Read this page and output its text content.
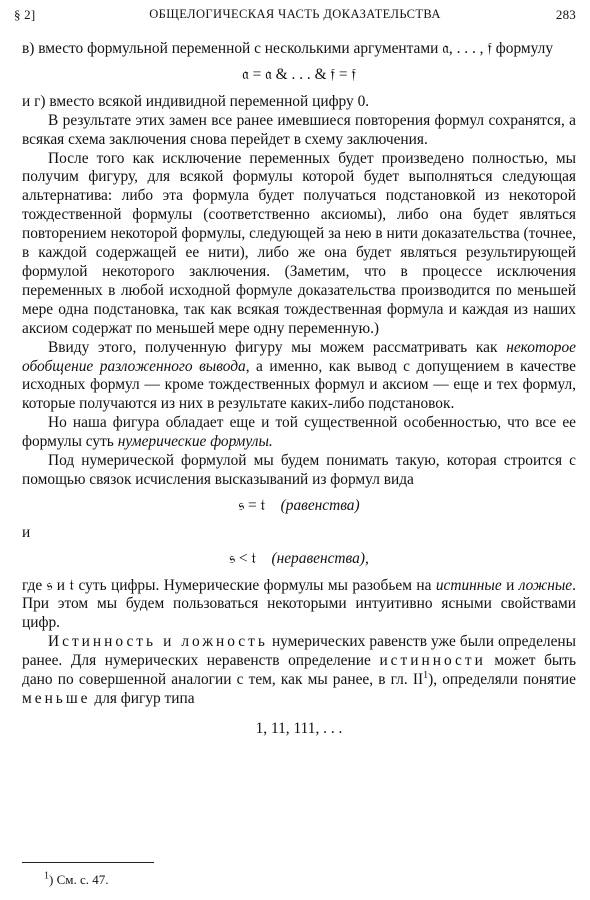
§ 2]	ОБЩЕЛОГИЧЕСКАЯ ЧАСТЬ ДОКАЗАТЕЛЬСТВА	283

в) вместо формульной переменной с несколькими аргументами 𝔞, . . . , 𝔣 формулу

𝔞 = 𝔞 & . . . & 𝔣 = 𝔣

и г) вместо всякой индивидной переменной цифру 0.

В результате этих замен все ранее имевшиеся повторения формул сохранятся, а всякая схема заключения снова перейдет в схему заключения.

После того как исключение переменных будет произведено полностью, мы получим фигуру, для всякой формулы которой будет выполняться следующая альтернатива: либо эта формула будет получаться подстановкой из некоторой тождественной формулы (соответственно аксиомы), либо она будет являться повторением некоторой формулы, следующей за нею в нити доказательства (точнее, в каждой содержащей ее нити), либо же она будет являться результирующей формулой некоторого заключения. (Заметим, что в процессе исключения переменных в любой исходной формуле доказательства производится по меньшей мере одна подстановка, так как всякая тождественная формула и каждая из наших аксиом содержат по меньшей мере одну переменную.)

Ввиду этого, полученную фигуру мы можем рассматривать как некоторое обобщение разложенного вывода, а именно, как вывод с допущением в качестве исходных формул — кроме тождественных формул и аксиом — еще и тех формул, которые получаются из них в результате каких-либо подстановок.

Но наша фигура обладает еще и той существенной особенностью, что все ее формулы суть нумерические формулы.

Под нумерической формулой мы будем понимать такую, которая строится с помощью связок исчисления высказываний из формул вида

𝔰 = 𝔱 (равенства)
и
𝔰 < 𝔱 (неравенства),

где 𝔰 и 𝔱 суть цифры. Нумерические формулы мы разобьем на истинные и ложные. При этом мы будем пользоваться некоторыми интуитивно ясными свойствами цифр.

Истинность и ложность нумерических равенств уже были определены ранее. Для нумерических неравенств определение истинности может быть дано по совершенной аналогии с тем, как мы ранее, в гл. $II^1$), определяли понятие меньше для фигур типа

1, 11, 111, . . .
$^1$) См. с. 47.
